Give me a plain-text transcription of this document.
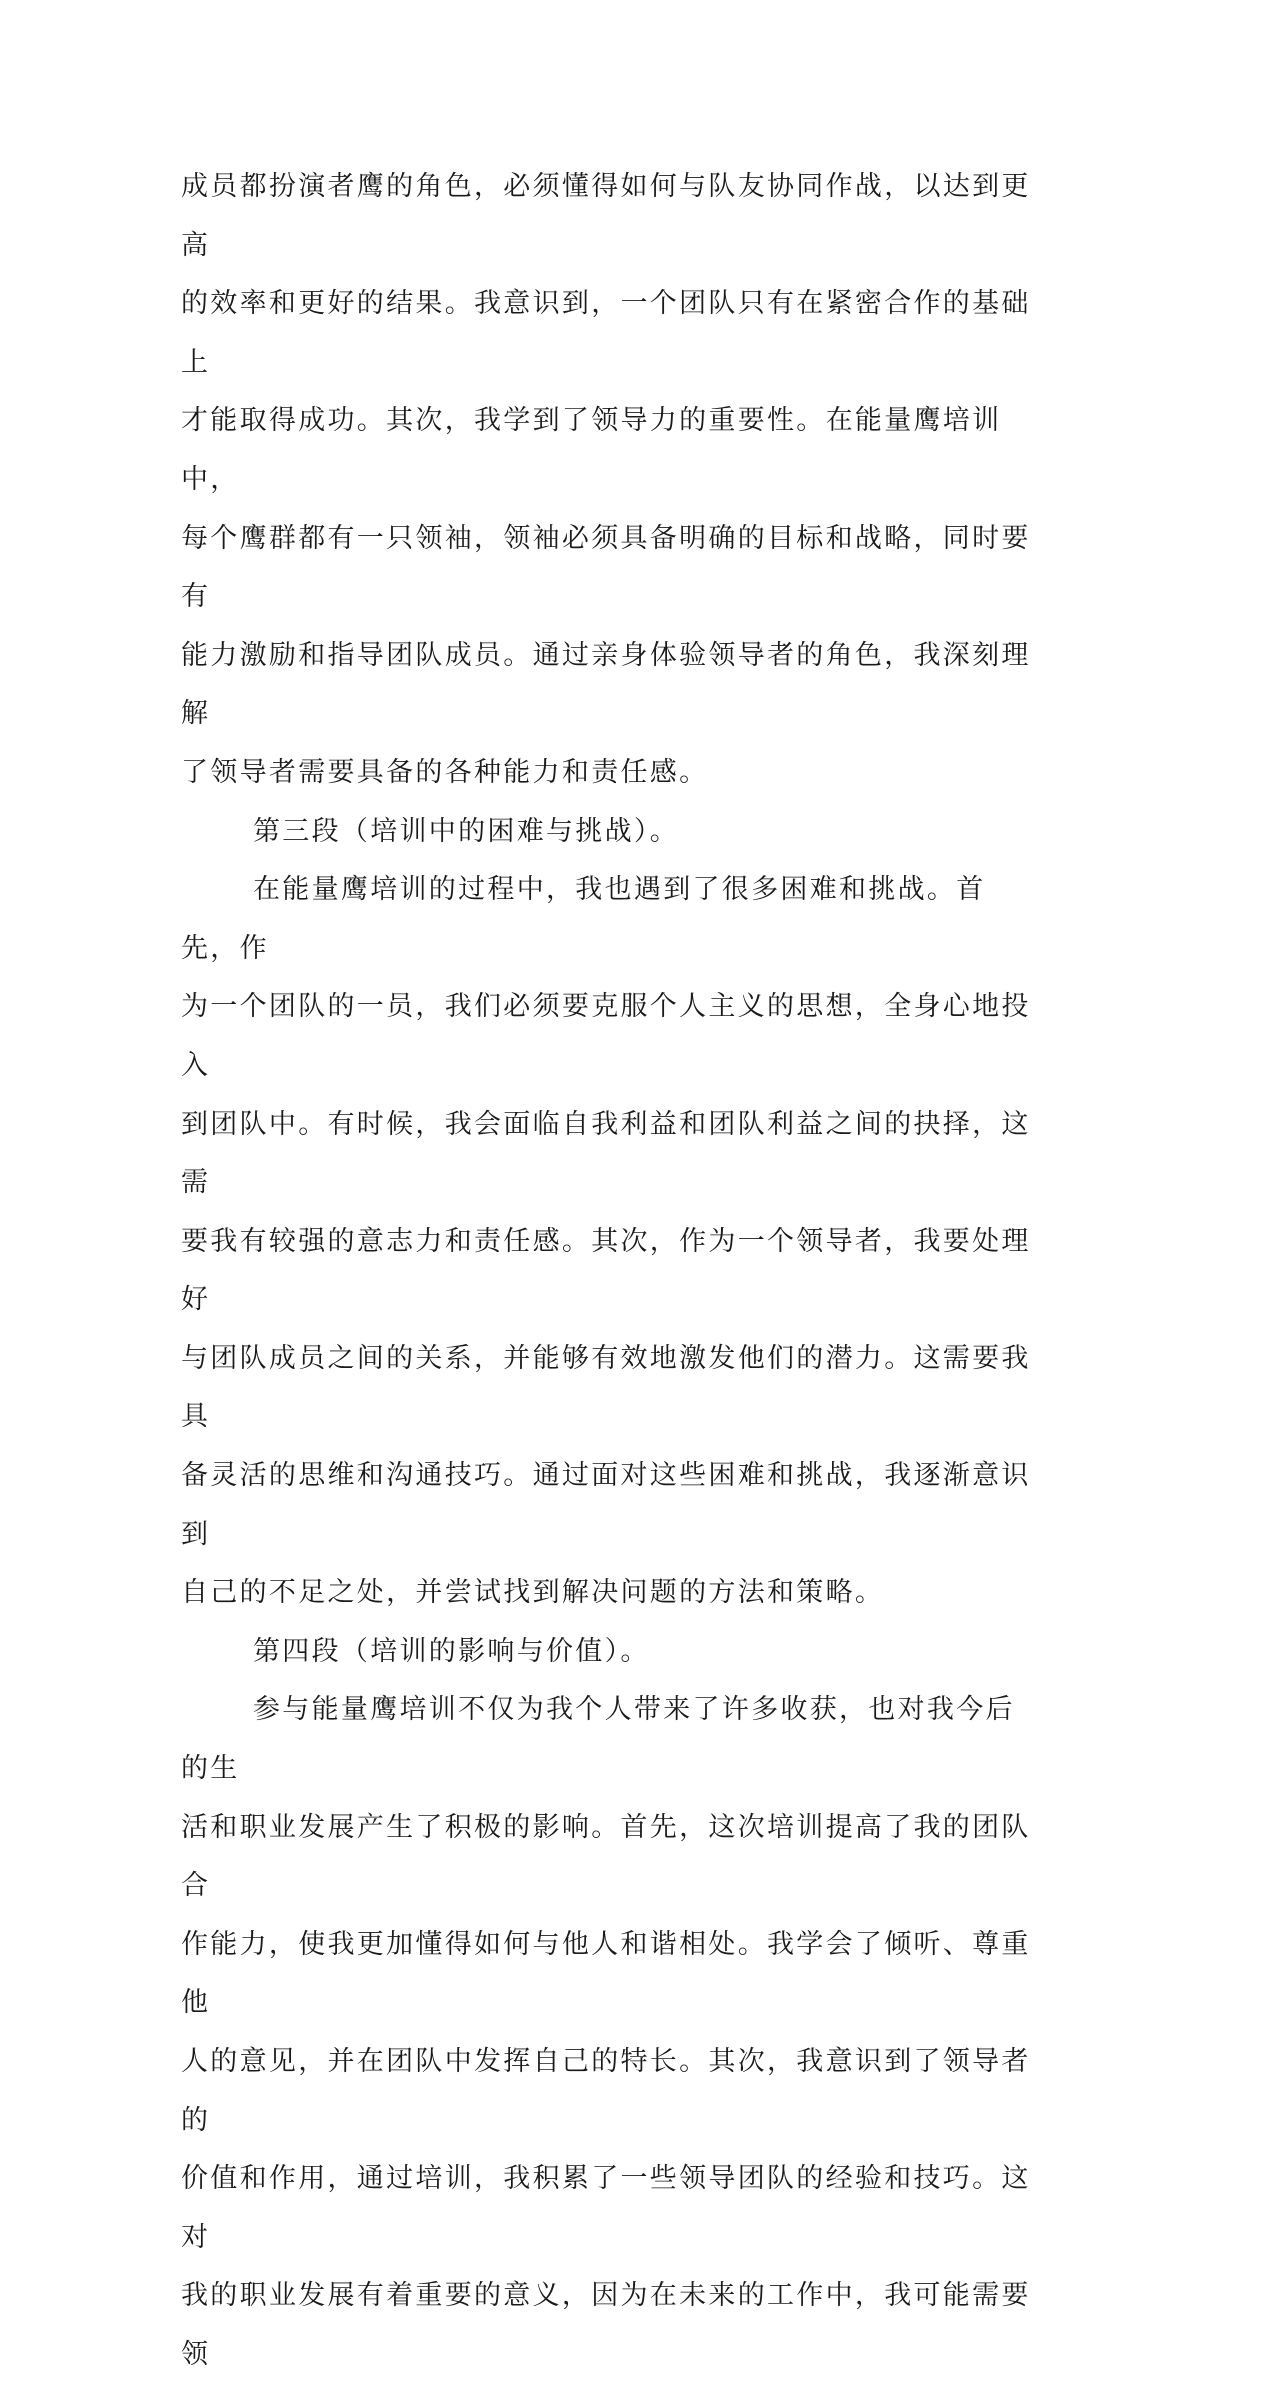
成员都扮演者鹰的角色，必须懂得如何与队友协同作战，以达到更高
的效率和更好的结果。我意识到，一个团队只有在紧密合作的基础上
才能取得成功。其次，我学到了领导力的重要性。在能量鹰培训中，
每个鹰群都有一只领袖，领袖必须具备明确的目标和战略，同时要有
能力激励和指导团队成员。通过亲身体验领导者的角色，我深刻理解
了领导者需要具备的各种能力和责任感。

第三段（培训中的困难与挑战）。

在能量鹰培训的过程中，我也遇到了很多困难和挑战。首先，作
为一个团队的一员，我们必须要克服个人主义的思想，全身心地投入
到团队中。有时候，我会面临自我利益和团队利益之间的抉择，这需
要我有较强的意志力和责任感。其次，作为一个领导者，我要处理好
与团队成员之间的关系，并能够有效地激发他们的潜力。这需要我具
备灵活的思维和沟通技巧。通过面对这些困难和挑战，我逐渐意识到
自己的不足之处，并尝试找到解决问题的方法和策略。

第四段（培训的影响与价值）。

参与能量鹰培训不仅为我个人带来了许多收获，也对我今后的生
活和职业发展产生了积极的影响。首先，这次培训提高了我的团队合
作能力，使我更加懂得如何与他人和谐相处。我学会了倾听、尊重他
人的意见，并在团队中发挥自己的特长。其次，我意识到了领导者的
价值和作用，通过培训，我积累了一些领导团队的经验和技巧。这对
我的职业发展有着重要的意义，因为在未来的工作中，我可能需要领
